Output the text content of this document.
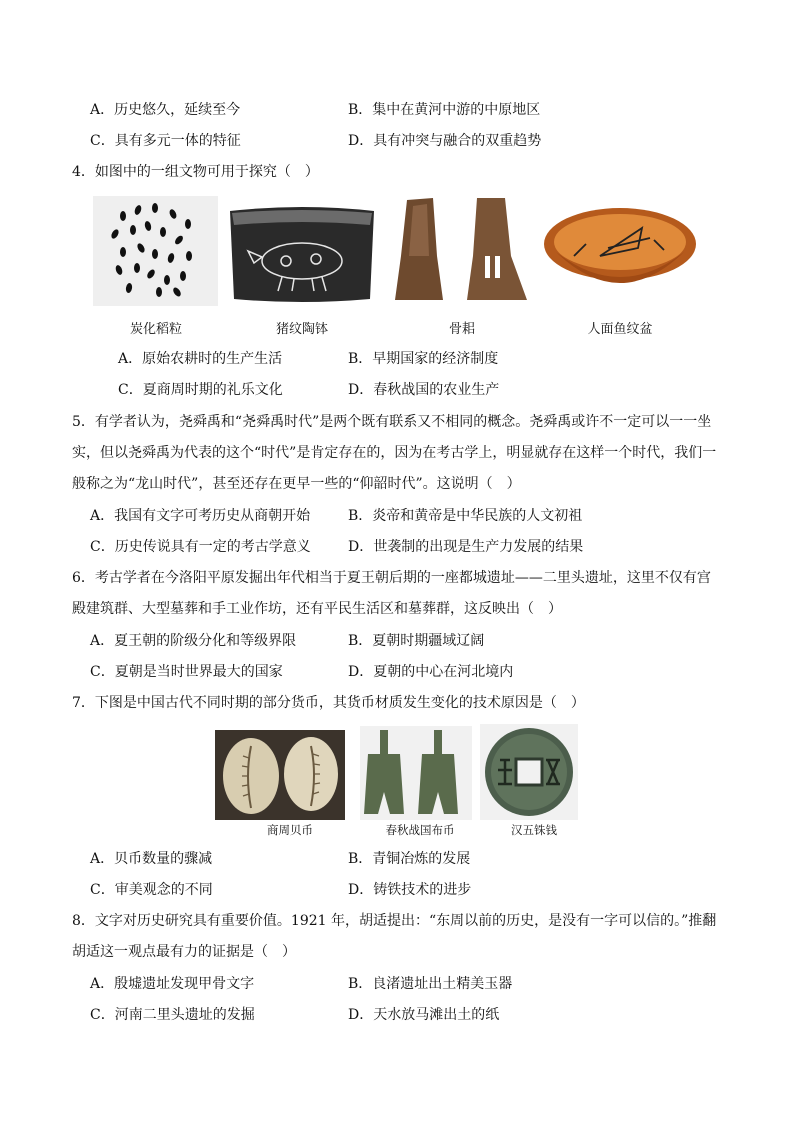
A．历史悠久，延续至今	B．集中在黄河中游的中原地区
C．具有多元一体的特征	D．具有冲突与融合的双重趋势
4．如图中的一组文物可用于探究（　）
炭化稻粒	猪纹陶钵	骨耜	人面鱼纹盆
A．原始农耕时的生产生活	B．早期国家的经济制度
C．夏商周时期的礼乐文化	D．春秋战国的农业生产
5．有学者认为，尧舜禹和“尧舜禹时代”是两个既有联系又不相同的概念。尧舜禹或许不一定可以一一坐实，但以尧舜禹为代表的这个“时代”是肯定存在的，因为在考古学上，明显就存在这样一个时代，我们一般称之为“龙山时代”，甚至还存在更早一些的“仰韶时代”。这说明（　）
A．我国有文字可考历史从商朝开始	B．炎帝和黄帝是中华民族的人文初祖
C．历史传说具有一定的考古学意义	D．世袭制的出现是生产力发展的结果
6．考古学者在今洛阳平原发掘出年代相当于夏王朝后期的一座都城遗址——二里头遗址，这里不仅有宫殿建筑群、大型墓葬和手工业作坊，还有平民生活区和墓葬群，这反映出（　）
A．夏王朝的阶级分化和等级界限	B．夏朝时期疆域辽阔
C．夏朝是当时世界最大的国家	D．夏朝的中心在河北境内
7．下图是中国古代不同时期的部分货币，其货币材质发生变化的技术原因是（　）
商周贝币	春秋战国布币	汉五铢钱
A．贝币数量的骤减	B．青铜冶炼的发展
C．审美观念的不同	D．铸铁技术的进步
8．文字对历史研究具有重要价值。1921 年，胡适提出：“东周以前的历史，是没有一字可以信的。”推翻胡适这一观点最有力的证据是（　）
A．殷墟遗址发现甲骨文字	B．良渚遗址出土精美玉器
C．河南二里头遗址的发掘	D．天水放马滩出土的纸
